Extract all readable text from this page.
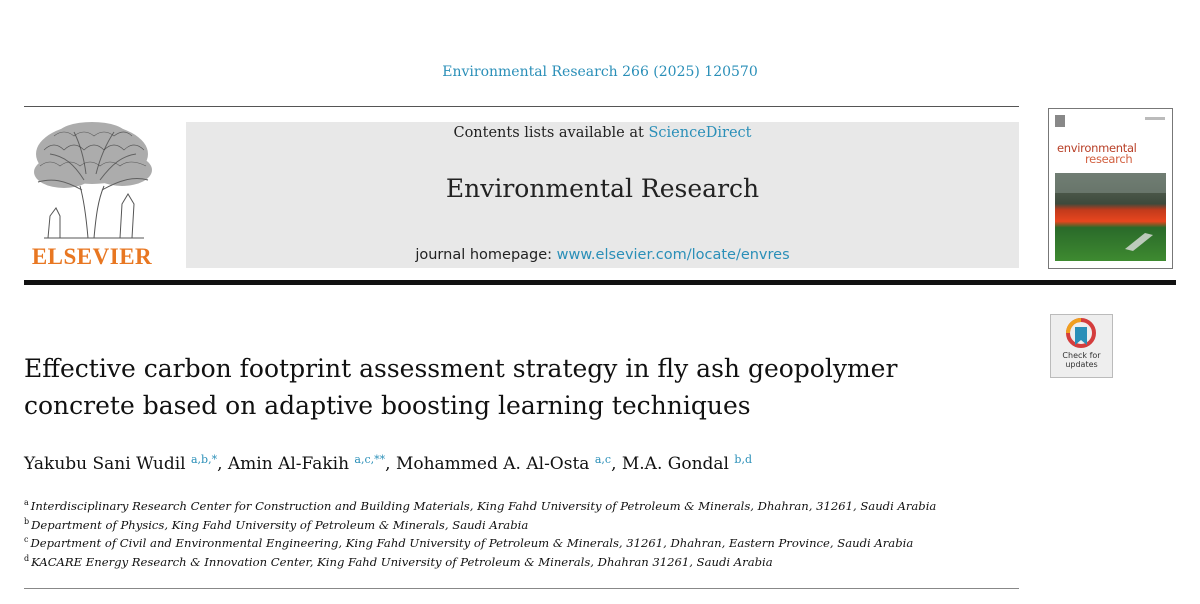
Environmental Research 266 (2025) 120570
ELSEVIER
Contents lists available at ScienceDirect
Environmental Research
journal homepage: www.elsevier.com/locate/envres
environmental
research
Check for
updates
Effective carbon footprint assessment strategy in fly ash geopolymer
concrete based on adaptive boosting learning techniques
Yakubu Sani Wudil $^{a,b,*}$, Amin Al-Fakih $^{a,c,**}$, Mohammed A. Al-Osta $^{a,c}$, M.A. Gondal $^{b,d}$
$^a$ Interdisciplinary Research Center for Construction and Building Materials, King Fahd University of Petroleum & Minerals, Dhahran, 31261, Saudi Arabia
$^b$ Department of Physics, King Fahd University of Petroleum & Minerals, Saudi Arabia
$^c$ Department of Civil and Environmental Engineering, King Fahd University of Petroleum & Minerals, 31261, Dhahran, Eastern Province, Saudi Arabia
$^d$ KACARE Energy Research & Innovation Center, King Fahd University of Petroleum & Minerals, Dhahran 31261, Saudi Arabia
